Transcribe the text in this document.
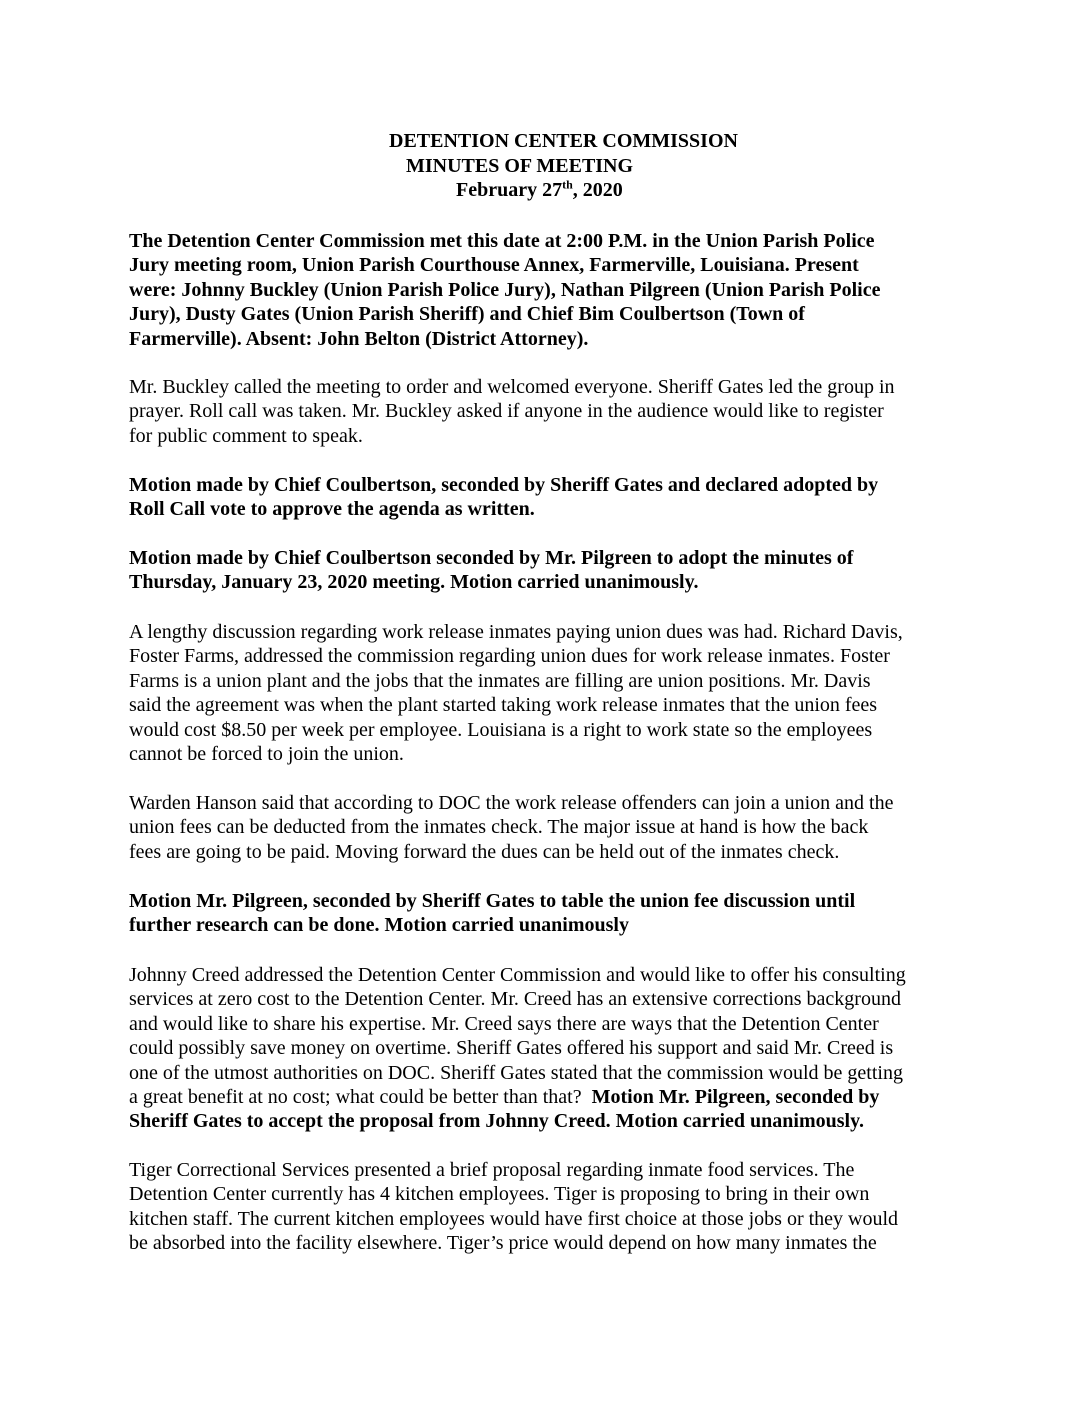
DETENTION CENTER COMMISSION
MINUTES OF MEETING
February 27th, 2020
The Detention Center Commission met this date at 2:00 P.M. in the Union Parish Police
Jury meeting room, Union Parish Courthouse Annex, Farmerville, Louisiana. Present
were: Johnny Buckley (Union Parish Police Jury), Nathan Pilgreen (Union Parish Police
Jury), Dusty Gates (Union Parish Sheriff) and Chief Bim Coulbertson (Town of
Farmerville). Absent: John Belton (District Attorney).
Mr. Buckley called the meeting to order and welcomed everyone. Sheriff Gates led the group in
prayer. Roll call was taken. Mr. Buckley asked if anyone in the audience would like to register
for public comment to speak.
Motion made by Chief Coulbertson, seconded by Sheriff Gates and declared adopted by
Roll Call vote to approve the agenda as written.
Motion made by Chief Coulbertson seconded by Mr. Pilgreen to adopt the minutes of
Thursday, January 23, 2020 meeting. Motion carried unanimously.
A lengthy discussion regarding work release inmates paying union dues was had. Richard Davis,
Foster Farms, addressed the commission regarding union dues for work release inmates. Foster
Farms is a union plant and the jobs that the inmates are filling are union positions. Mr. Davis
said the agreement was when the plant started taking work release inmates that the union fees
would cost $8.50 per week per employee. Louisiana is a right to work state so the employees
cannot be forced to join the union.
Warden Hanson said that according to DOC the work release offenders can join a union and the
union fees can be deducted from the inmates check. The major issue at hand is how the back
fees are going to be paid. Moving forward the dues can be held out of the inmates check.
Motion Mr. Pilgreen, seconded by Sheriff Gates to table the union fee discussion until
further research can be done. Motion carried unanimously
Johnny Creed addressed the Detention Center Commission and would like to offer his consulting
services at zero cost to the Detention Center. Mr. Creed has an extensive corrections background
and would like to share his expertise. Mr. Creed says there are ways that the Detention Center
could possibly save money on overtime. Sheriff Gates offered his support and said Mr. Creed is
one of the utmost authorities on DOC. Sheriff Gates stated that the commission would be getting
a great benefit at no cost; what could be better than that?  Motion Mr. Pilgreen, seconded by
Sheriff Gates to accept the proposal from Johnny Creed. Motion carried unanimously.
Tiger Correctional Services presented a brief proposal regarding inmate food services. The
Detention Center currently has 4 kitchen employees. Tiger is proposing to bring in their own
kitchen staff. The current kitchen employees would have first choice at those jobs or they would
be absorbed into the facility elsewhere. Tiger’s price would depend on how many inmates the
